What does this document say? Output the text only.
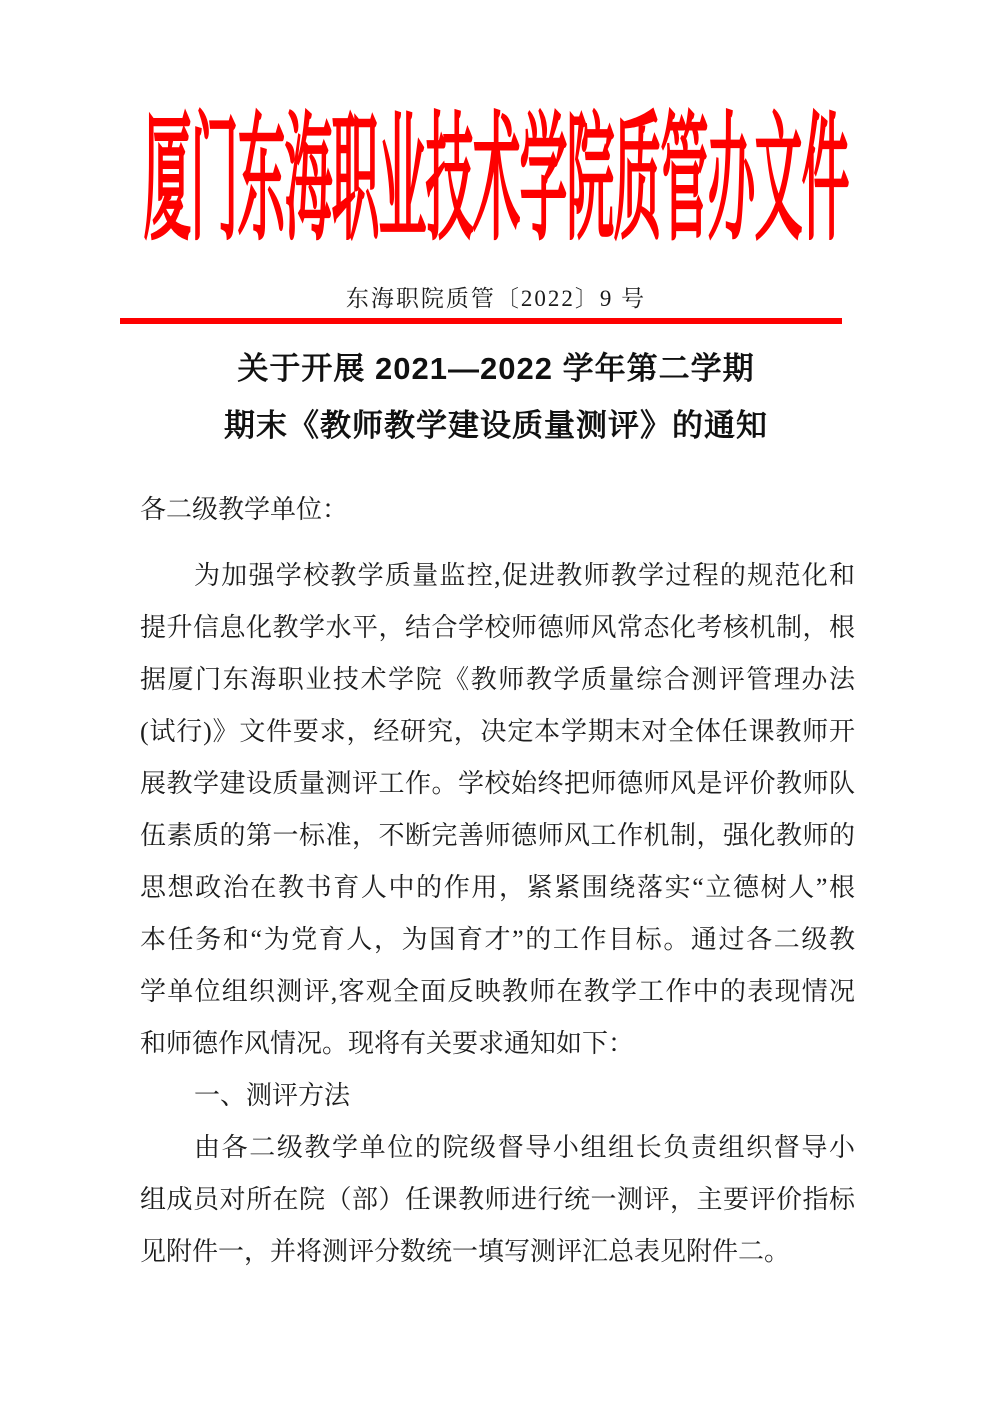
厦门东海职业技术学院质管办文件
东海职院质管〔2022〕9 号
关于开展 2021—2022 学年第二学期
期末《教师教学建设质量测评》的通知
各二级教学单位：
为加强学校教学质量监控,促进教师教学过程的规范化和
提升信息化教学水平，结合学校师德师风常态化考核机制，根
据厦门东海职业技术学院《教师教学质量综合测评管理办法
(试行)》文件要求，经研究，决定本学期末对全体任课教师开
展教学建设质量测评工作。学校始终把师德师风是评价教师队
伍素质的第一标准，不断完善师德师风工作机制，强化教师的
思想政治在教书育人中的作用，紧紧围绕落实“立德树人”根
本任务和“为党育人，为国育才”的工作目标。通过各二级教
学单位组织测评,客观全面反映教师在教学工作中的表现情况
和师德作风情况。现将有关要求通知如下：
一、测评方法
由各二级教学单位的院级督导小组组长负责组织督导小
组成员对所在院（部）任课教师进行统一测评，主要评价指标
见附件一，并将测评分数统一填写测评汇总表见附件二。
